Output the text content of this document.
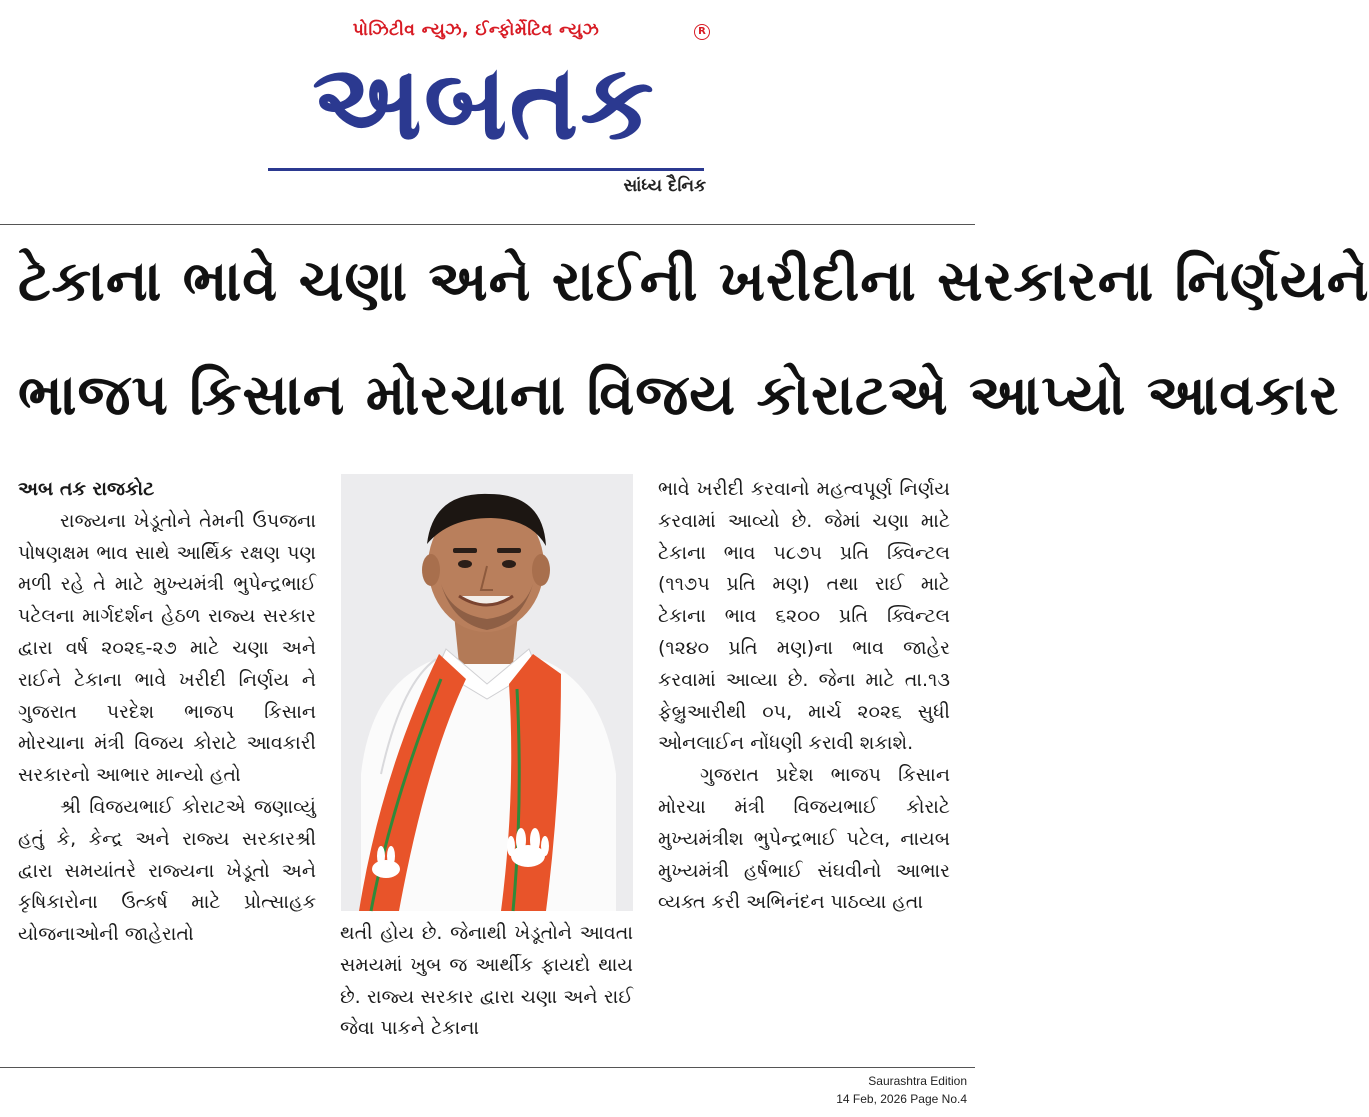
પોઝિટીવ ન્યુઝ, ઈન્ફોર્મેટિવ ન્યુઝ	R
અબતક
સાંધ્ય દૈનિક
ટેકાના ભાવે ચણા અને રાઈની ખરીદીના સરકારના નિર્ણયને
ભાજપ કિસાન મોરચાના વિજય કોરાટએ આપ્યો આવકાર

અબ તક રાજકોટ

રાજ્યના ખેડૂતોને તેમની ઉપજના પોષણક્ષમ ભાવ સાથે આર્થિક રક્ષણ પણ મળી રહે તે માટે મુખ્યમંત્રી ભુપેન્દ્રભાઈ પટેલના માર્ગદર્શન હેઠળ રાજ્ય સરકાર દ્વારા વર્ષ ૨૦૨૬-૨૭ માટે ચણા અને રાઈને ટેકાના ભાવે ખરીદી નિર્ણય ને ગુજરાત પરદેશ ભાજપ કિસાન મોરચાના મંત્રી વિજય કોરાટે આવકારી સરકારનો આભાર માન્યો હતો

શ્રી વિજયભાઈ કોરાટએ જણાવ્યું હતું કે, કેન્દ્ર અને રાજ્ય સરકારશ્રી દ્વારા સમયાંતરે રાજ્યના ખેડૂતો અને કૃષિકારોના ઉત્કર્ષ માટે પ્રોત્સાહક યોજનાઓની જાહેરાતો	થતી હોય છે. જેનાથી ખેડૂતોને આવતા સમયમાં ખુબ જ આર્થીક ફાયદો થાય છે. રાજ્ય સરકાર દ્વારા ચણા અને રાઈ જેવા પાકને ટેકાના

ભાવે ખરીદી કરવાનો મહત્વપૂર્ણ નિર્ણય કરવામાં આવ્યો છે. જેમાં ચણા માટે ટેકાના ભાવ ૫૮૭૫ પ્રતિ ક્વિન્ટલ (૧૧૭૫ પ્રતિ મણ) તથા રાઈ માટે ટેકાના ભાવ ૬૨૦૦ પ્રતિ ક્વિન્ટલ (૧૨૪૦ પ્રતિ મણ)ના ભાવ જાહેર કરવામાં આવ્યા છે. જેના માટે તા.૧૩ ફેબ્રુઆરીથી ૦૫, માર્ચ ૨૦૨૬ સુધી ઓનલાઈન નોંધણી કરાવી શકાશે.

ગુજરાત પ્રદેશ ભાજપ કિસાન મોરચા મંત્રી વિજયભાઈ કોરાટે મુખ્યમંત્રીશ ભુપેન્દ્રભાઈ પટેલ, નાયબ મુખ્યમંત્રી હર્ષભાઈ સંઘવીનો આભાર વ્યક્ત કરી અભિનંદન પાઠવ્યા હતા

Saurashtra Edition
14 Feb, 2026 Page No.4
